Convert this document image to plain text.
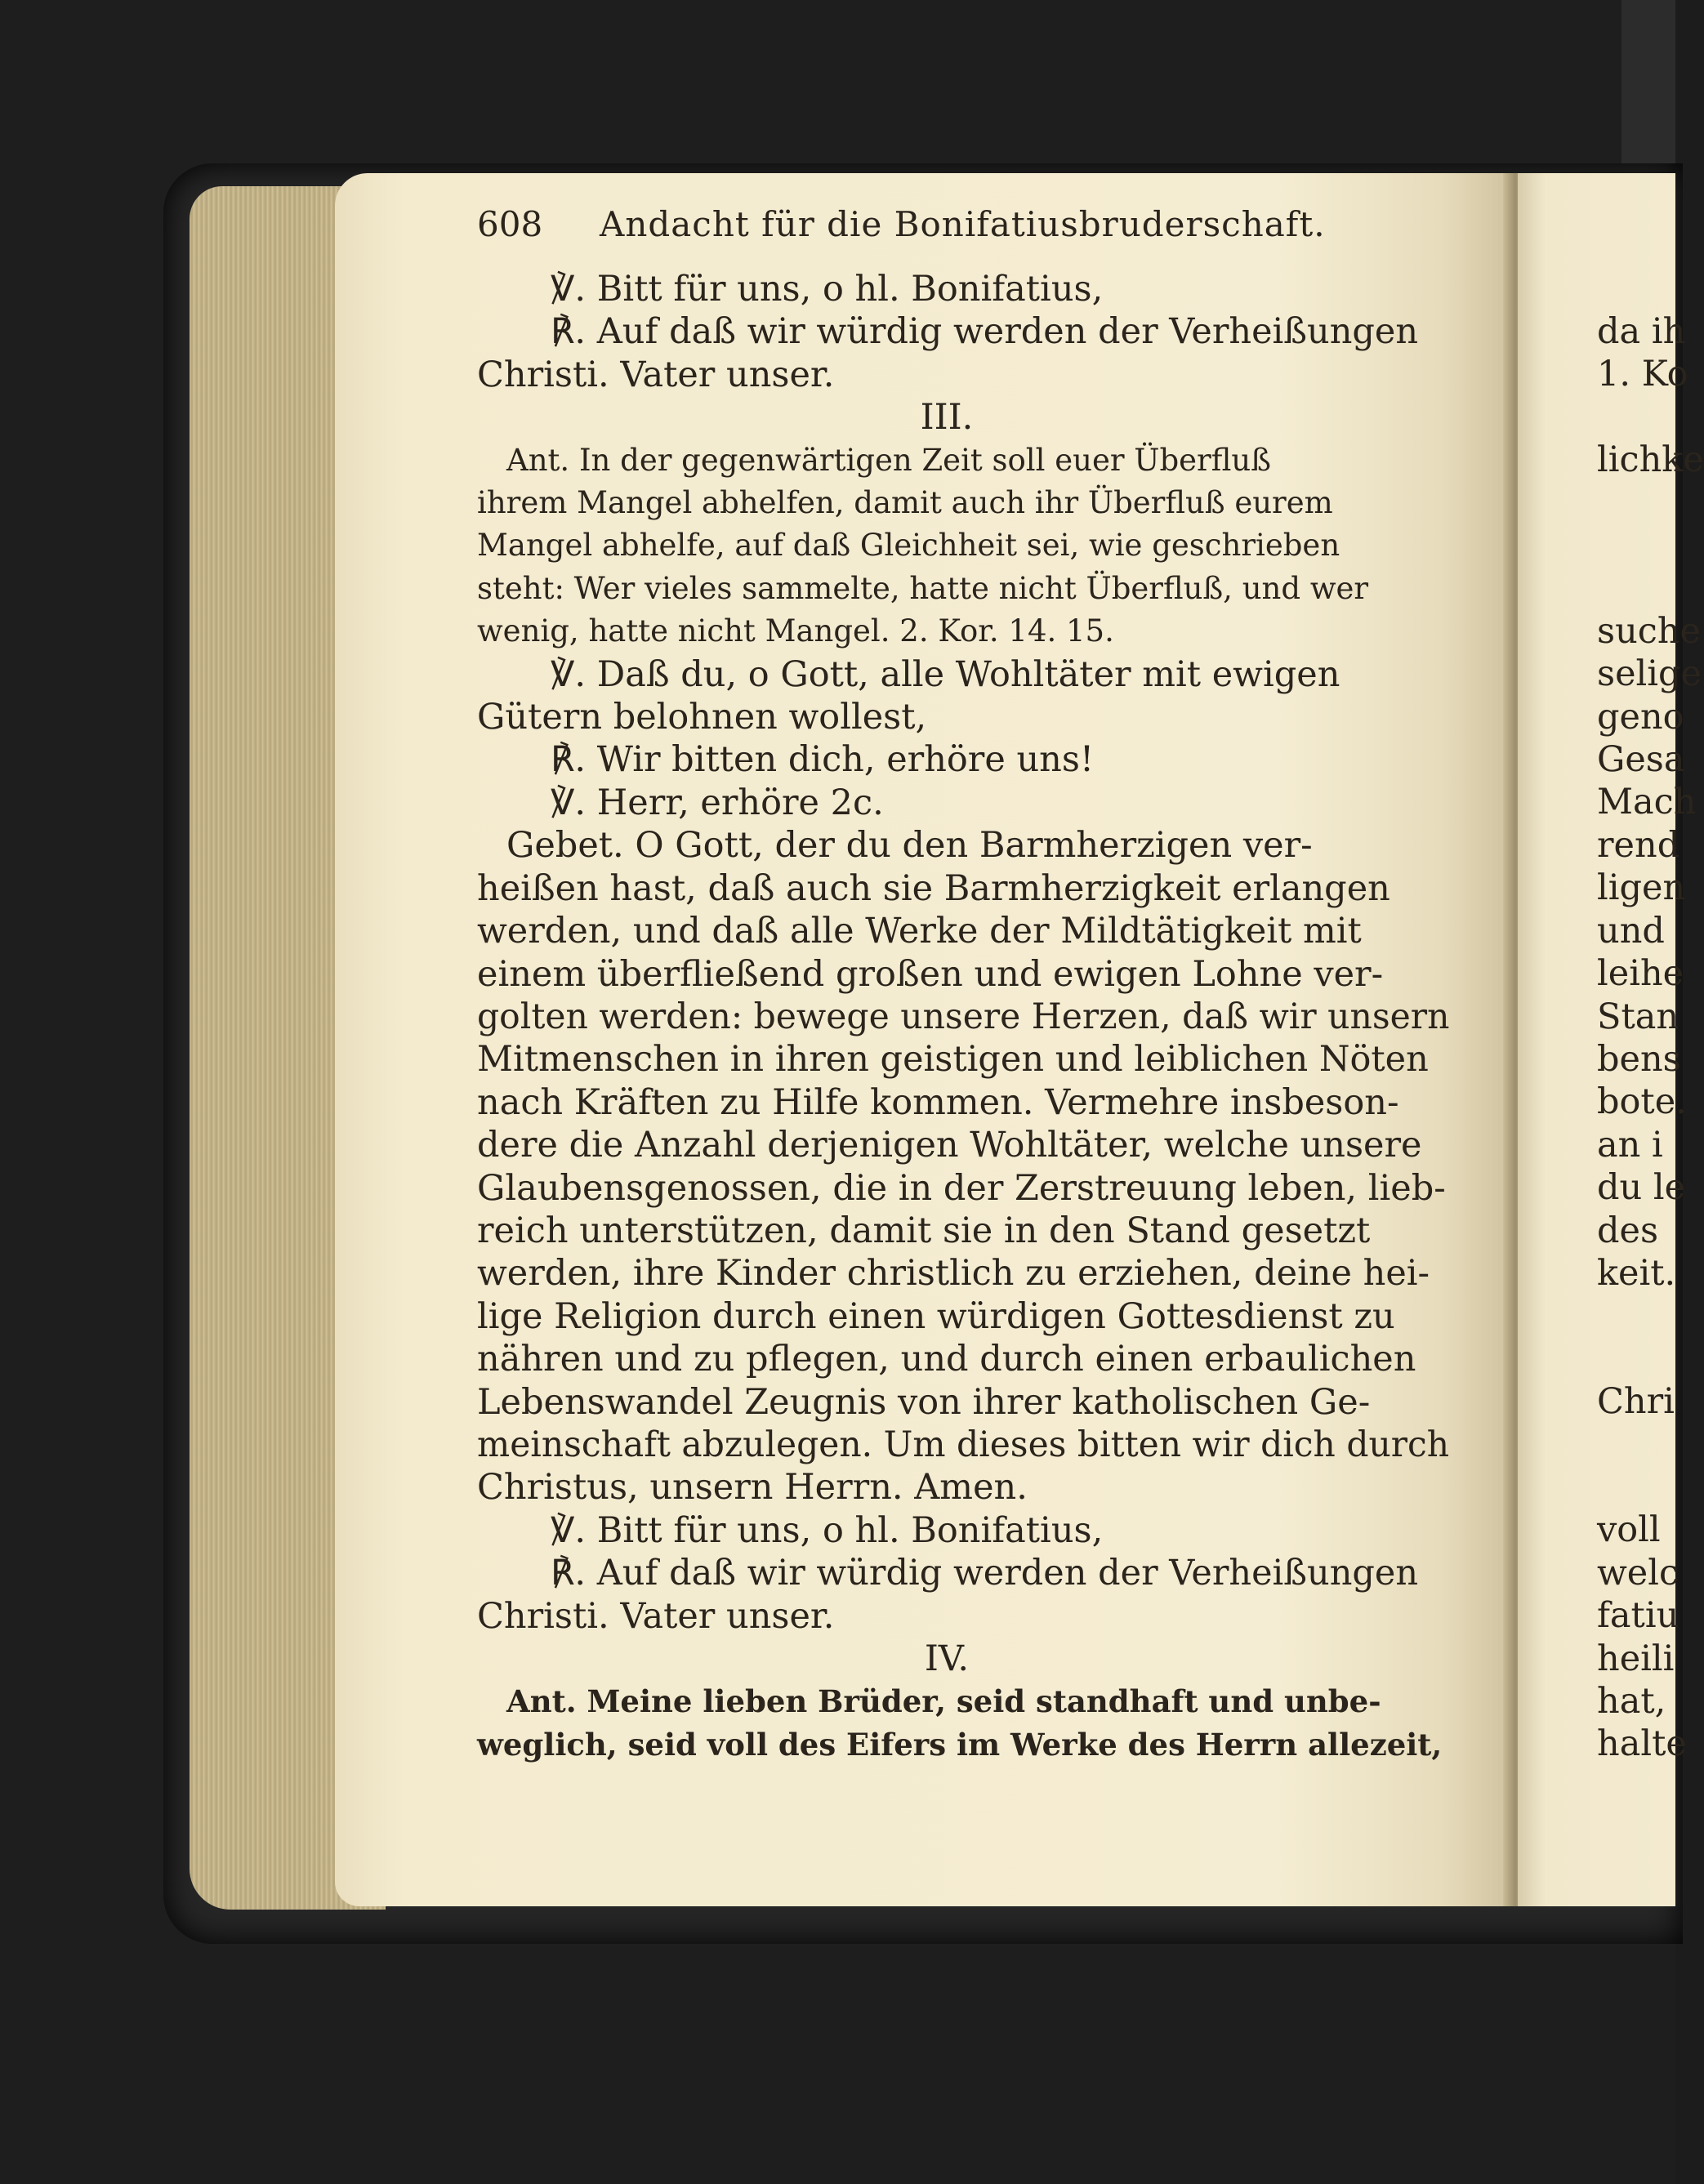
608	Andacht für die Bonifatiusbruderschaft.
℣. Bitt für uns, o hl. Bonifatius,
℟. Auf daß wir würdig werden der Verheißungen
Christi. Vater unser.
III.
Ant. In der gegenwärtigen Zeit soll euer Überfluß
ihrem Mangel abhelfen, damit auch ihr Überfluß eurem
Mangel abhelfe, auf daß Gleichheit sei, wie geschrieben
steht: Wer vieles sammelte, hatte nicht Überfluß, und wer
wenig, hatte nicht Mangel. 2. Kor. 14. 15.
℣. Daß du, o Gott, alle Wohltäter mit ewigen
Gütern belohnen wollest,
℟. Wir bitten dich, erhöre uns!
℣. Herr, erhöre 2c.
Gebet. O Gott, der du den Barmherzigen ver-
heißen hast, daß auch sie Barmherzigkeit erlangen
werden, und daß alle Werke der Mildtätigkeit mit
einem überfließend großen und ewigen Lohne ver-
golten werden: bewege unsere Herzen, daß wir unsern
Mitmenschen in ihren geistigen und leiblichen Nöten
nach Kräften zu Hilfe kommen. Vermehre insbeson-
dere die Anzahl derjenigen Wohltäter, welche unsere
Glaubensgenossen, die in der Zerstreuung leben, lieb-
reich unterstützen, damit sie in den Stand gesetzt
werden, ihre Kinder christlich zu erziehen, deine hei-
lige Religion durch einen würdigen Gottesdienst zu
nähren und zu pflegen, und durch einen erbaulichen
Lebenswandel Zeugnis von ihrer katholischen Ge-
meinschaft abzulegen. Um dieses bitten wir dich durch
Christus, unsern Herrn. Amen.
℣. Bitt für uns, o hl. Bonifatius,
℟. Auf daß wir würdig werden der Verheißungen
Christi. Vater unser.
IV.
Ant. Meine lieben Brüder, seid standhaft und unbe-
weglich, seid voll des Eifers im Werke des Herrn allezeit,
da ih
1. Ko

lichke

suche
selige
geno
Gesa
Mach
rend
ligen
und
leihe
Stan
bens
bote.
an i
du le
des
keit.

Chri

voll
welc
fatiu
heili
hat,
halte
